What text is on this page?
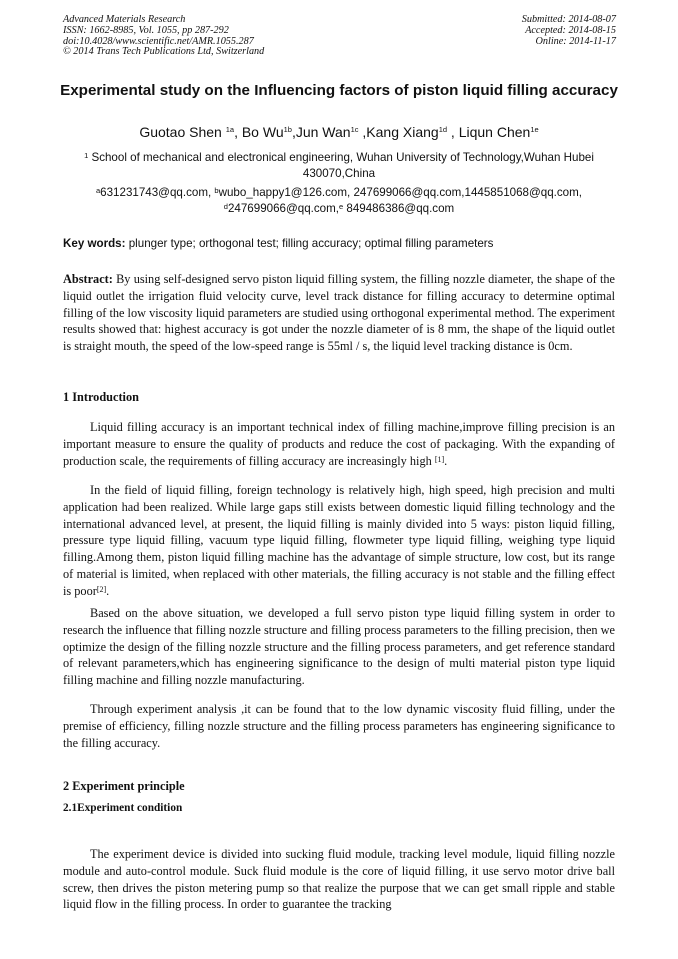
Advanced Materials Research
ISSN: 1662-8985, Vol. 1055, pp 287-292
doi:10.4028/www.scientific.net/AMR.1055.287
© 2014 Trans Tech Publications Ltd, Switzerland
Submitted: 2014-08-07
Accepted: 2014-08-15
Online: 2014-11-17
Experimental study on the Influencing factors of piston liquid filling accuracy
Guotao Shen $^{1a}$, Bo $Wu^{1b},Jun$ Wan$^{1c}$ ,Kang Xiang$^{1d}$ , Liqun Chen$^{1e}$
$^1$ School of mechanical and electronical engineering, Wuhan University of Technology,Wuhan Hubei 430070,China
$^a$631231743@qq.com, $^b$wubo_happy1@126.com, 247699066@qq.com,1445851068@qq.com,
$^d$247699066@qq.com,$^e$ 849486386@qq.com
Key words: plunger type; orthogonal test; filling accuracy; optimal filling parameters

Abstract: By using self-designed servo piston liquid filling system, the filling nozzle diameter, the shape of the liquid outlet the irrigation fluid velocity curve, level track distance for filling accuracy to determine optimal filling of the low viscosity liquid parameters are studied using orthogonal experimental method. The experiment results showed that: highest accuracy is got under the nozzle diameter of is 8 mm, the shape of the liquid outlet is straight mouth, the speed of the low-speed range is 55ml / s, the liquid level tracking distance is 0cm.

1 Introduction

Liquid filling accuracy is an important technical index of filling machine,improve filling precision is an important measure to ensure the quality of products and reduce the cost of packaging. With the expanding of production scale, the requirements of filling accuracy are increasingly high [1].

In the field of liquid filling, foreign technology is relatively high, high speed, high precision and multi application had been realized. While large gaps still exists between domestic liquid filling technology and the international advanced level, at present, the liquid filling is mainly divided into 5 ways: piston liquid filling, pressure type liquid filling, vacuum type liquid filling, flowmeter type liquid filling, weighing type liquid filling.Among them, piston liquid filling machine has the advantage of simple structure, low cost, but its range of material is limited, when replaced with other materials, the filling accuracy is not stable and the filling effect is poor[2].

Based on the above situation, we developed a full servo piston type liquid filling system in order to research the influence that filling nozzle structure and filling process parameters to the filling precision, then we optimize the design of the filling nozzle structure and the filling process parameters, and get reference standard of relevant parameters,which has engineering significance to the design of multi material piston type liquid filling machine and filling nozzle manufacturing.

Through experiment analysis ,it can be found that to the low dynamic viscosity fluid filling, under the premise of efficiency, filling nozzle structure and the filling process parameters has engineering significance to the filling accuracy.

2 Experiment principle
2.1Experiment condition

The experiment device is divided into sucking fluid module, tracking level module, liquid filling nozzle module and auto-control module. Suck fluid module is the core of liquid filling, it use servo motor drive ball screw, then drives the piston metering pump so that realize the purpose that we can get small ripple and stable liquid flow in the filling process. In order to guarantee the tracking
